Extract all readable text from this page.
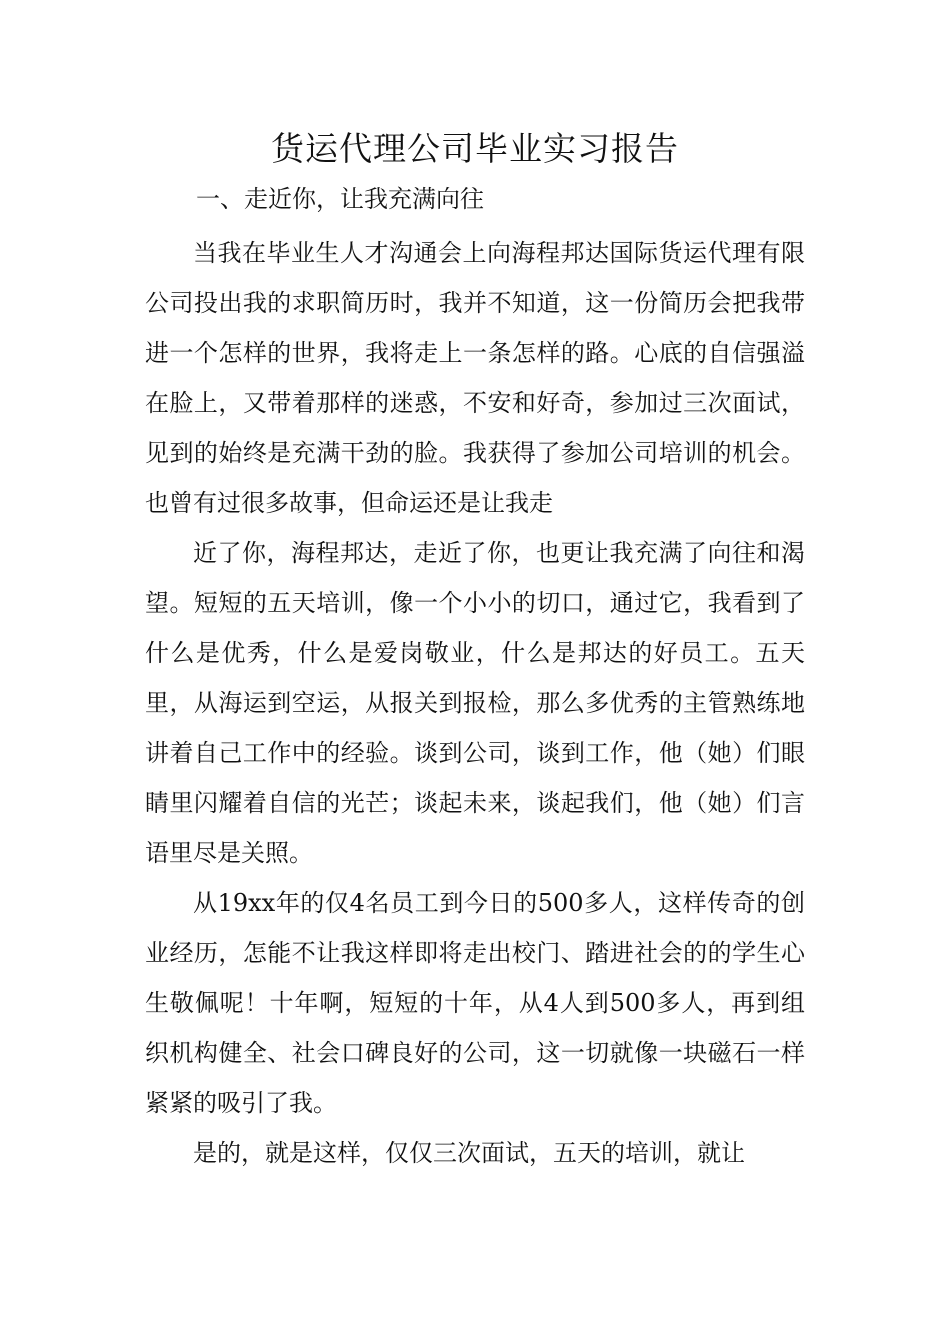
货运代理公司毕业实习报告

一、走近你，让我充满向往

当我在毕业生人才沟通会上向海程邦达国际货运代理有限公司投出我的求职简历时，我并不知道，这一份简历会把我带进一个怎样的世界，我将走上一条怎样的路。心底的自信强溢在脸上，又带着那样的迷惑，不安和好奇，参加过三次面试，见到的始终是充满干劲的脸。我获得了参加公司培训的机会。也曾有过很多故事，但命运还是让我走

近了你，海程邦达，走近了你，也更让我充满了向往和渴望。短短的五天培训，像一个小小的切口，通过它，我看到了什么是优秀，什么是爱岗敬业，什么是邦达的好员工。五天里，从海运到空运，从报关到报检，那么多优秀的主管熟练地讲着自己工作中的经验。谈到公司，谈到工作，他（她）们眼睛里闪耀着自信的光芒；谈起未来，谈起我们，他（她）们言语里尽是关照。

从19xx年的仅4名员工到今日的500多人，这样传奇的创业经历，怎能不让我这样即将走出校门、踏进社会的的学生心生敬佩呢！十年啊，短短的十年，从4人到500多人，再到组织机构健全、社会口碑良好的公司，这一切就像一块磁石一样紧紧的吸引了我。

是的，就是这样，仅仅三次面试，五天的培训，就让
